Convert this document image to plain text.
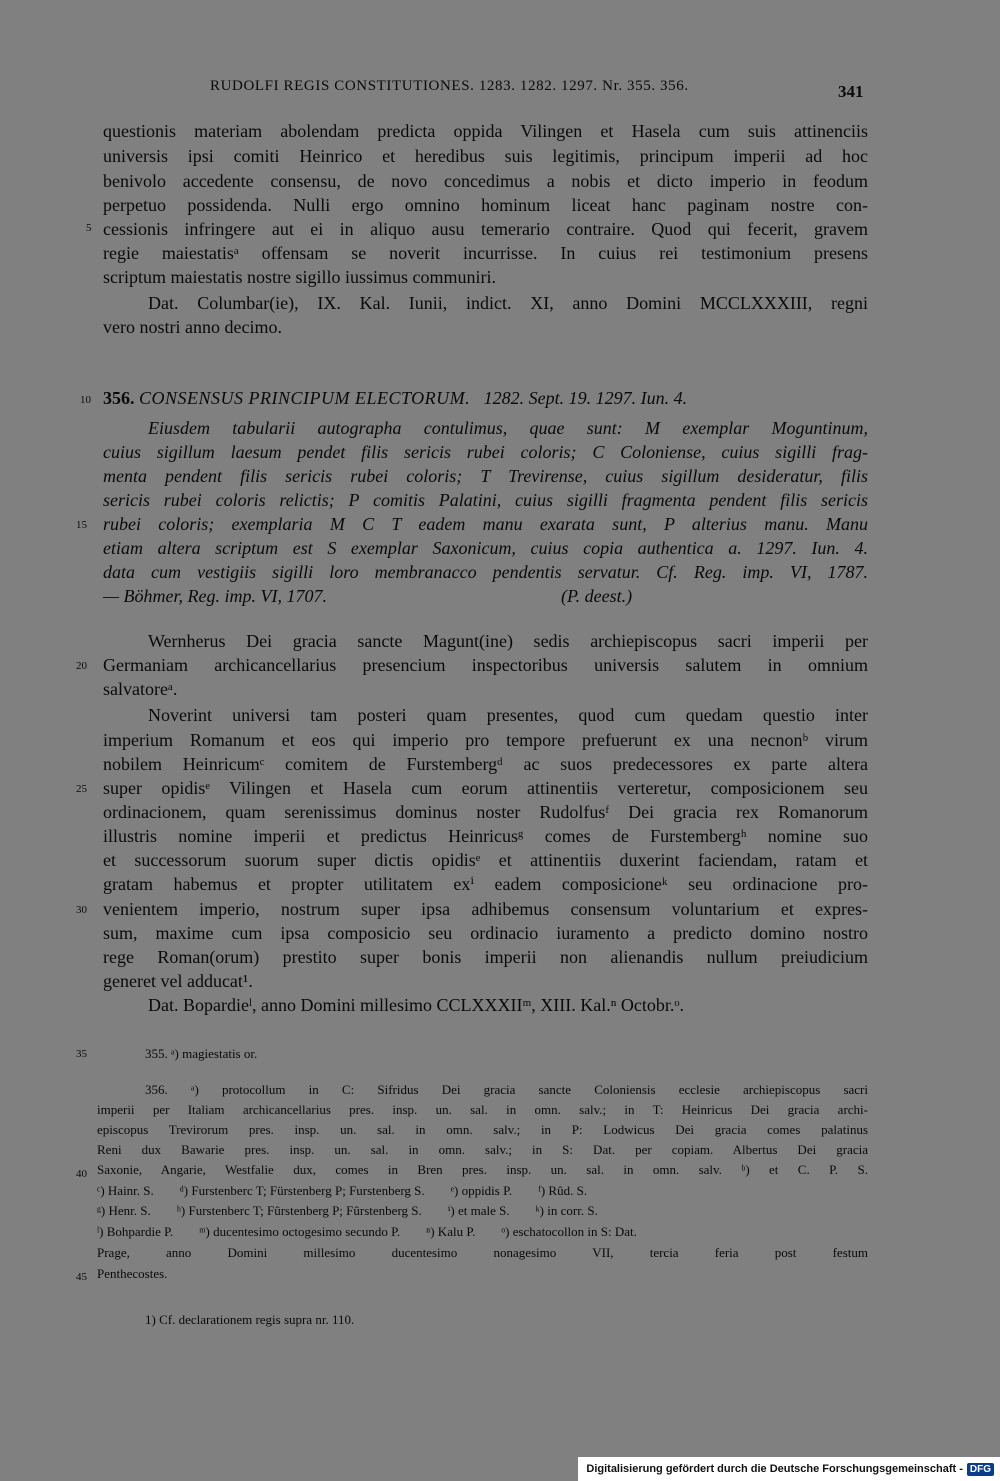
RUDOLFI REGIS CONSTITUTIONES. 1283. 1282. 1297. Nr. 355. 356.	341
questionis materiam abolendam predicta oppida Vilingen et Hasela cum suis attinenciis
universis ipsi comiti Heinrico et heredibus suis legitimis, principum imperii ad hoc
benivolo accedente consensu, de novo concedimus a nobis et dicto imperio in feodum
perpetuo possidenda. Nulli ergo omnino hominum liceat hanc paginam nostre con-
cessionis infringere aut ei in aliquo ausu temerario contraire. Quod qui fecerit, gravem
regie maiestatisᵃ offensam se noverit incurrisse. In cuius rei testimonium presens
scriptum maiestatis nostre sigillo iussimus communiri.
Dat. Columbar(ie), IX. Kal. Iunii, indict. XI, anno Domini MCCLXXXIII, regni
vero nostri anno decimo.
356. CONSENSUS PRINCIPUM ELECTORUM. 1282. Sept. 19. 1297. Iun. 4.
Eiusdem tabularii autographa contulimus, quae sunt: M exemplar Moguntinum,
cuius sigillum laesum pendet filis sericis rubei coloris; C Coloniense, cuius sigilli frag-
menta pendent filis sericis rubei coloris; T Trevirense, cuius sigillum desideratur, filis
sericis rubei coloris relictis; P comitis Palatini, cuius sigilli fragmenta pendent filis sericis
rubei coloris; exemplaria M C T eadem manu exarata sunt, P alterius manu. Manu
etiam altera scriptum est S exemplar Saxonicum, cuius copia authentica a. 1297. Iun. 4.
data cum vestigiis sigilli loro membranacco pendentis servatur. Cf. Reg. imp. VI, 1787.
— Böhmer, Reg. imp. VI, 1707.                                                    (P. deest.)
Wernherus Dei gracia sancte Magunt(ine) sedis archiepiscopus sacri imperii per
Germaniam archicancellarius presencium inspectoribus universis salutem in omnium
salvatoreᵃ.
Noverint universi tam posteri quam presentes, quod cum quedam questio inter
imperium Romanum et eos qui imperio pro tempore prefuerunt ex una necnonᵇ virum
nobilem Heinricumᶜ comitem de Furstembergᵈ ac suos predecessores ex parte altera
super opidisᵉ Vilingen et Hasela cum eorum attinentiis verteretur, composicionem seu
ordinacionem, quam serenissimus dominus noster Rudolfusᶠ Dei gracia rex Romanorum
illustris nomine imperii et predictus Heinricusᵍ comes de Furstembergʰ nomine suo
et successorum suorum super dictis opidisᵉ et attinentiis duxerint faciendam, ratam et
gratam habemus et propter utilitatem exⁱ eadem composicioneᵏ seu ordinacione pro-
venientem imperio, nostrum super ipsa adhibemus consensum voluntarium et expres-
sum, maxime cum ipsa composicio seu ordinacio iuramento a predicto domino nostro
rege Roman(orum) prestito super bonis imperii non alienandis nullum preiudicium
generet vel adducat¹.
Dat. Bopardieˡ, anno Domini millesimo CCLXXXIIᵐ, XIII. Kal.ⁿ Octobr.ᵒ.
355. ᵃ) magiestatis or.
356. ᵃ) protocollum in C: Sifridus Dei gracia sancte Coloniensis ecclesie archiepiscopus sacri
imperii per Italiam archicancellarius pres. insp. un. sal. in omn. salv.; in T: Heinricus Dei gracia archi-
episcopus Trevirorum pres. insp. un. sal. in omn. salv.; in P: Lodwicus Dei gracia comes palatinus
Reni dux Bawarie pres. insp. un. sal. in omn. salv.; in S: Dat. per copiam. Albertus Dei gracia
Saxonie, Angarie, Westfalie dux, comes in Bren pres. insp. un. sal. in omn. salv. ᵇ) et C. P. S.
ᶜ) Hainr. S.        ᵈ) Furstenberc T; Fürstenberg P; Furstenberg S.        ᵉ) oppidis P.        ᶠ) Rûd. S.
ᵍ) Henr. S.        ʰ) Furstenberc T; Fûrstenberg P; Fûrstenberg S.        ⁱ) et male S.        ᵏ) in corr. S.
ˡ) Bohpardie P.        ᵐ) ducentesimo octogesimo secundo P.        ⁿ) Kalu P.        ᵒ) eschatocollon in S: Dat.
Prage, anno Domini millesimo ducentesimo nonagesimo VII, tercia feria post festum
Penthecostes.
1) Cf. declarationem regis supra nr. 110.
5
10
15
20
25
30
35
40
45
Digitalisierung gefördert durch die Deutsche Forschungsgemeinschaft - DFG
